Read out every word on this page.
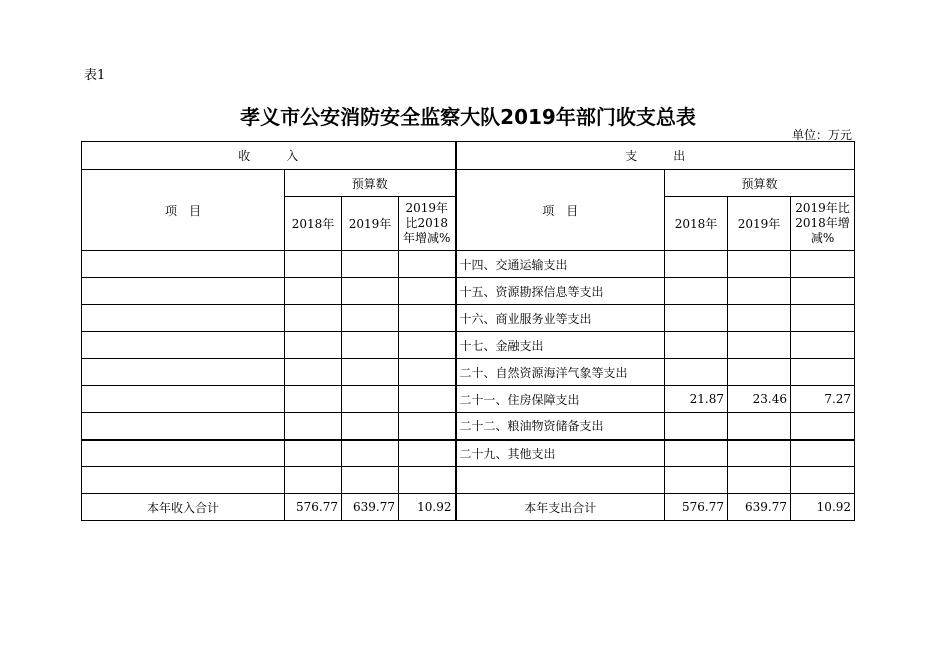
表1
孝义市公安消防安全监察大队2019年部门收支总表
单位：万元
收　　　入				支　　　出			
项　目	预算数			项　目	预算数		
	2018年	2019年	2019年比2018年增减%		2018年	2019年	2019年比2018年增减%
				十四、交通运输支出			
				十五、资源勘探信息等支出			
				十六、商业服务业等支出			
				十七、金融支出			
				二十、自然资源海洋气象等支出			
				二十一、住房保障支出	21.87	23.46	7.27
				二十二、粮油物资储备支出			
				二十九、其他支出			

本年收入合计	576.77	639.77	10.92	本年支出合计	576.77	639.77	10.92
